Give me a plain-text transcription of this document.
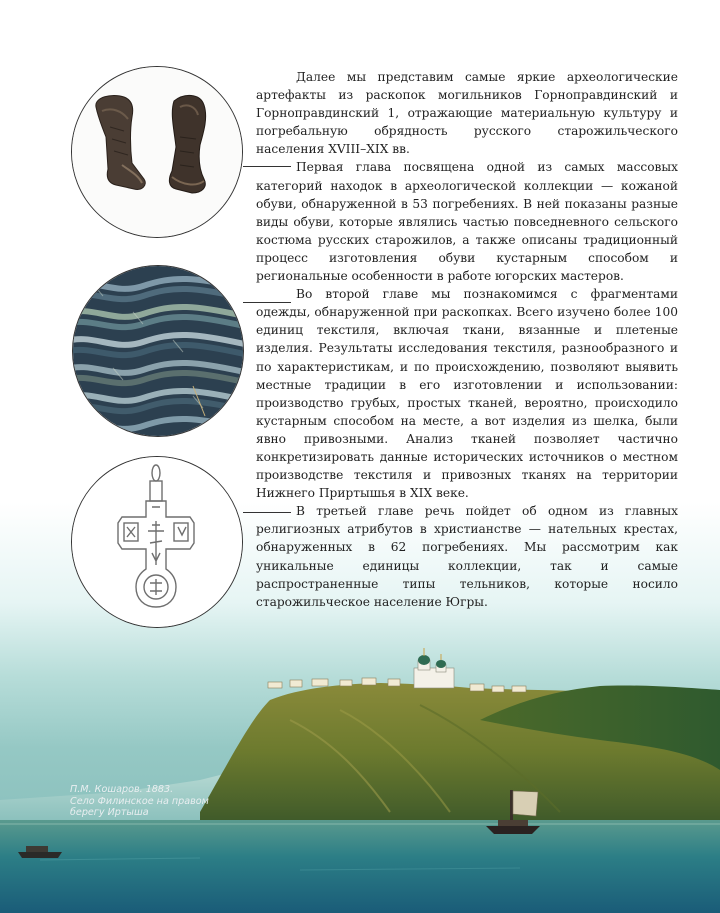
Далее мы представим самые яркие археологические артефакты из раскопок могильников Горноправдинский и Горноправдинский 1, отражающие материальную культуру и погребальную обрядность русского старожильческого населения XVIII–XIX вв.

Первая глава посвящена одной из самых массовых категорий находок в археологической коллекции — кожаной обуви, обнаруженной в 53 погребениях. В ней показаны разные виды обуви, которые являлись частью повседневного сельского костюма русских старожилов, а также описаны традиционный процесс изготовления обуви кустарным способом и региональные особенности в работе югорских мастеров.

Во второй главе мы познакомимся с фрагментами одежды, обнаруженной при раскопках. Всего изучено более 100 единиц текстиля, включая ткани, вязанные и плетеные изделия. Результаты исследования текстиля, разнообразного и по характеристикам, и по происхождению, позволяют выявить местные традиции в его изготовлении и использовании: производство грубых, простых тканей, вероятно, происходило кустарным способом на месте, а вот изделия из шелка, были явно привозными. Анализ тканей позволяет частично конкретизировать данные исторических источников о местном производстве текстиля и привозных тканях на территории Нижнего Приртышья в XIX веке.

В третьей главе речь пойдет об одном из главных религиозных атрибутов в христианстве — нательных крестах, обнаруженных в 62 погребениях. Мы рассмотрим как уникальные единицы коллекции, так и самые распространенные типы тельников, которые носило старожильческое население Югры.

П.М. Кошаров. 1883.
Село Филинское на правом
берегу Иртыша
